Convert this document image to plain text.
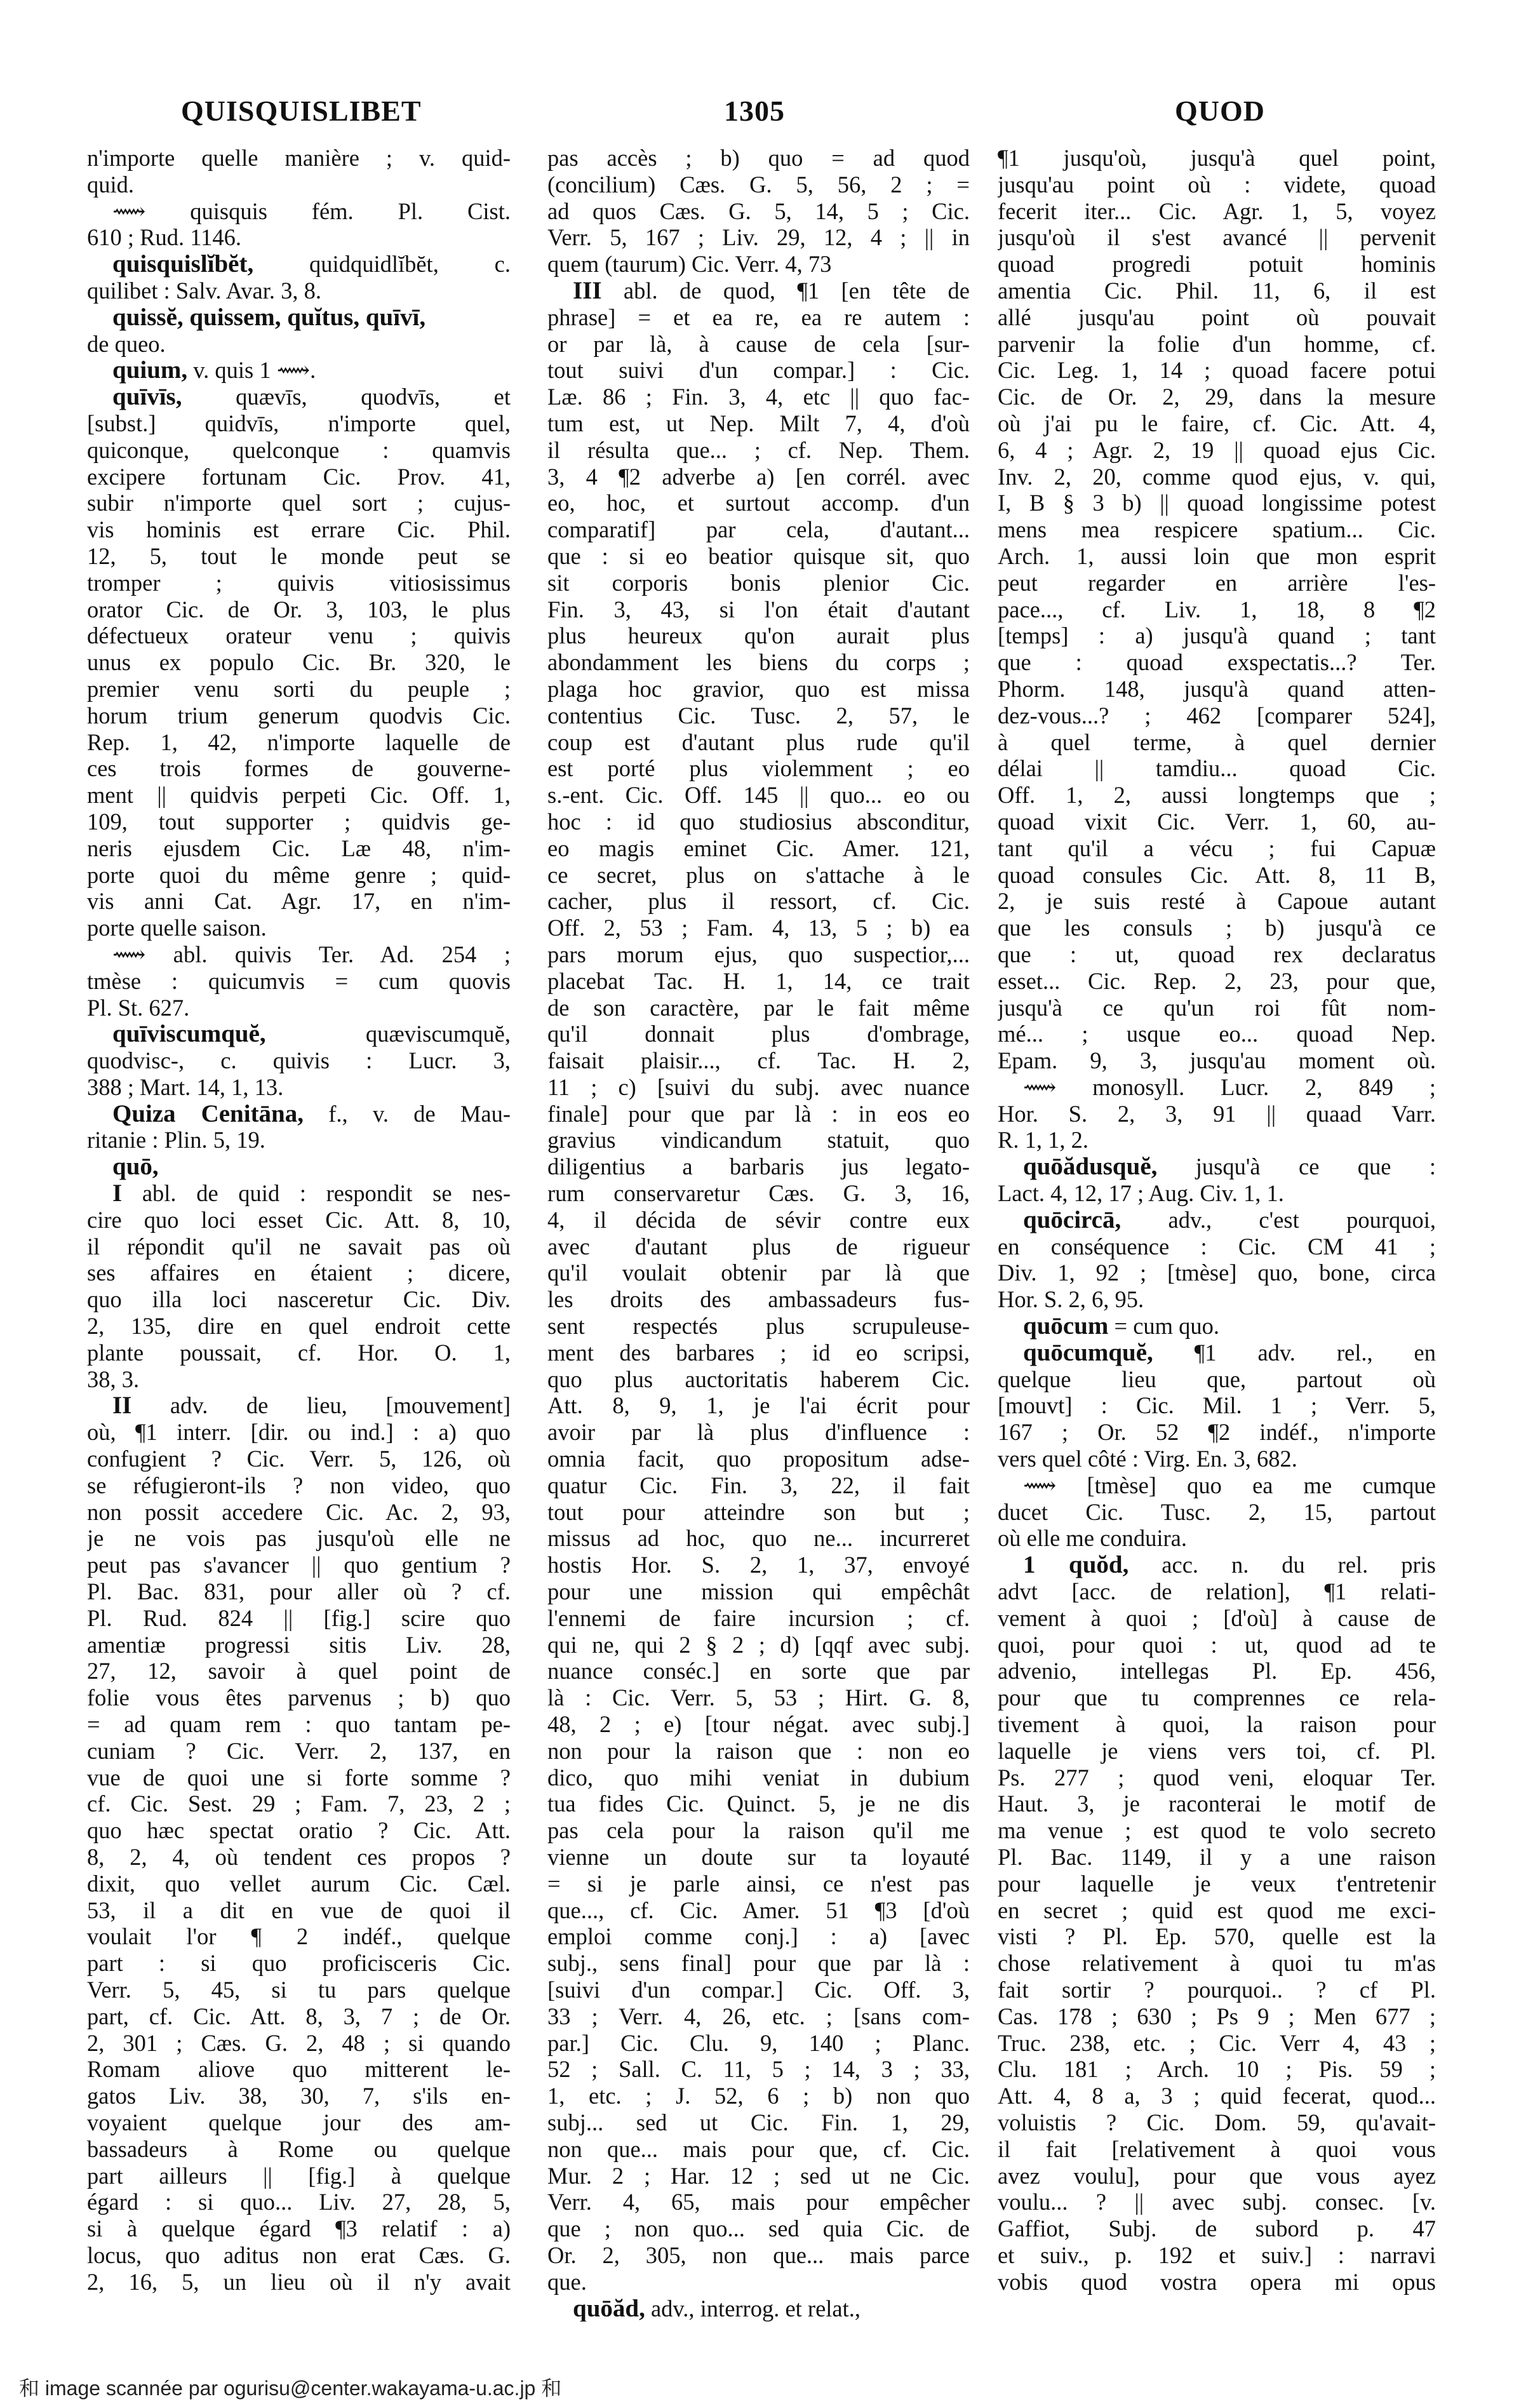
QUISQUISLIBET	1305	QUOD
n'importe quelle manière ; v. quid-
quid.
⟿ quisquis fém. Pl. Cist.
610 ; Rud. 1146.
quisquislĭbĕt, quidquidlĭbĕt, c.
quilibet : Salv. Avar. 3, 8.
quissĕ, quissem, quĭtus, quīvī,
de queo.
quium, v. quis 1 ⟿.
quīvīs, quævīs, quodvīs, et
[subst.] quidvīs, n'importe quel,
quiconque, quelconque : quamvis
excipere fortunam Cic. Prov. 41,
subir n'importe quel sort ; cujus-
vis hominis est errare Cic. Phil.
12, 5, tout le monde peut se
tromper ; quivis vitiosissimus
orator Cic. de Or. 3, 103, le plus
défectueux orateur venu ; quivis
unus ex populo Cic. Br. 320, le
premier venu sorti du peuple ;
horum trium generum quodvis Cic.
Rep. 1, 42, n'importe laquelle de
ces trois formes de gouverne-
ment || quidvis perpeti Cic. Off. 1,
109, tout supporter ; quidvis ge-
neris ejusdem Cic. Læ 48, n'im-
porte quoi du même genre ; quid-
vis anni Cat. Agr. 17, en n'im-
porte quelle saison.
⟿ abl. quivis Ter. Ad. 254 ;
tmèse : quicumvis = cum quovis
Pl. St. 627.
quīviscumquĕ, quæviscumquĕ,
quodvisc-, c. quivis : Lucr. 3,
388 ; Mart. 14, 1, 13.
Quiza Cenitāna, f., v. de Mau-
ritanie : Plin. 5, 19.
quō,
I abl. de quid : respondit se nes-
cire quo loci esset Cic. Att. 8, 10,
il répondit qu'il ne savait pas où
ses affaires en étaient ; dicere,
quo illa loci nasceretur Cic. Div.
2, 135, dire en quel endroit cette
plante poussait, cf. Hor. O. 1,
38, 3.
II adv. de lieu, [mouvement]
où, ¶1 interr. [dir. ou ind.] : a) quo
confugient ? Cic. Verr. 5, 126, où
se réfugieront-ils ? non video, quo
non possit accedere Cic. Ac. 2, 93,
je ne vois pas jusqu'où elle ne
peut pas s'avancer || quo gentium ?
Pl. Bac. 831, pour aller où ? cf.
Pl. Rud. 824 || [fig.] scire quo
amentiæ progressi sitis Liv. 28,
27, 12, savoir à quel point de
folie vous êtes parvenus ; b) quo
= ad quam rem : quo tantam pe-
cuniam ? Cic. Verr. 2, 137, en
vue de quoi une si forte somme ?
cf. Cic. Sest. 29 ; Fam. 7, 23, 2 ;
quo hæc spectat oratio ? Cic. Att.
8, 2, 4, où tendent ces propos ?
dixit, quo vellet aurum Cic. Cæl.
53, il a dit en vue de quoi il
voulait l'or ¶ 2 indéf., quelque
part : si quo proficisceris Cic.
Verr. 5, 45, si tu pars quelque
part, cf. Cic. Att. 8, 3, 7 ; de Or.
2, 301 ; Cæs. G. 2, 48 ; si quando
Romam aliove quo mitterent le-
gatos Liv. 38, 30, 7, s'ils en-
voyaient quelque jour des am-
bassadeurs à Rome ou quelque
part ailleurs || [fig.] à quelque
égard : si quo... Liv. 27, 28, 5,
si à quelque égard ¶3 relatif : a)
locus, quo aditus non erat Cæs. G.
2, 16, 5, un lieu où il n'y avait
pas accès ; b) quo = ad quod
(concilium) Cæs. G. 5, 56, 2 ; =
ad quos Cæs. G. 5, 14, 5 ; Cic.
Verr. 5, 167 ; Liv. 29, 12, 4 ; || in
quem (taurum) Cic. Verr. 4, 73
III abl. de quod, ¶1 [en tête de
phrase] = et ea re, ea re autem :
or par là, à cause de cela [sur-
tout suivi d'un compar.] : Cic.
Læ. 86 ; Fin. 3, 4, etc || quo fac-
tum est, ut Nep. Milt 7, 4, d'où
il résulta que... ; cf. Nep. Them.
3, 4 ¶2 adverbe a) [en corrél. avec
eo, hoc, et surtout accomp. d'un
comparatif] par cela, d'autant...
que : si eo beatior quisque sit, quo
sit corporis bonis plenior Cic.
Fin. 3, 43, si l'on était d'autant
plus heureux qu'on aurait plus
abondamment les biens du corps ;
plaga hoc gravior, quo est missa
contentius Cic. Tusc. 2, 57, le
coup est d'autant plus rude qu'il
est porté plus violemment ; eo
s.-ent. Cic. Off. 145 || quo... eo ou
hoc : id quo studiosius absconditur,
eo magis eminet Cic. Amer. 121,
ce secret, plus on s'attache à le
cacher, plus il ressort, cf. Cic.
Off. 2, 53 ; Fam. 4, 13, 5 ; b) ea
pars morum ejus, quo suspectior,...
placebat Tac. H. 1, 14, ce trait
de son caractère, par le fait même
qu'il donnait plus d'ombrage,
faisait plaisir..., cf. Tac. H. 2,
11 ; c) [suivi du subj. avec nuance
finale] pour que par là : in eos eo
gravius vindicandum statuit, quo
diligentius a barbaris jus legato-
rum conservaretur Cæs. G. 3, 16,
4, il décida de sévir contre eux
avec d'autant plus de rigueur
qu'il voulait obtenir par là que
les droits des ambassadeurs fus-
sent respectés plus scrupuleuse-
ment des barbares ; id eo scripsi,
quo plus auctoritatis haberem Cic.
Att. 8, 9, 1, je l'ai écrit pour
avoir par là plus d'influence :
omnia facit, quo propositum adse-
quatur Cic. Fin. 3, 22, il fait
tout pour atteindre son but ;
missus ad hoc, quo ne... incurreret
hostis Hor. S. 2, 1, 37, envoyé
pour une mission qui empêchât
l'ennemi de faire incursion ; cf.
qui ne, qui 2 § 2 ; d) [qqf avec subj.
nuance conséc.] en sorte que par
là : Cic. Verr. 5, 53 ; Hirt. G. 8,
48, 2 ; e) [tour négat. avec subj.]
non pour la raison que : non eo
dico, quo mihi veniat in dubium
tua fides Cic. Quinct. 5, je ne dis
pas cela pour la raison qu'il me
vienne un doute sur ta loyauté
= si je parle ainsi, ce n'est pas
que..., cf. Cic. Amer. 51 ¶3 [d'où
emploi comme conj.] : a) [avec
subj., sens final] pour que par là :
[suivi d'un compar.] Cic. Off. 3,
33 ; Verr. 4, 26, etc. ; [sans com-
par.] Cic. Clu. 9, 140 ; Planc.
52 ; Sall. C. 11, 5 ; 14, 3 ; 33,
1, etc. ; J. 52, 6 ; b) non quo
subj... sed ut Cic. Fin. 1, 29,
non que... mais pour que, cf. Cic.
Mur. 2 ; Har. 12 ; sed ut ne Cic.
Verr. 4, 65, mais pour empêcher
que ; non quo... sed quia Cic. de
Or. 2, 305, non que... mais parce
que.
quōăd, adv., interrog. et relat.,
¶1 jusqu'où, jusqu'à quel point,
jusqu'au point où : videte, quoad
fecerit iter... Cic. Agr. 1, 5, voyez
jusqu'où il s'est avancé || pervenit
quoad progredi potuit hominis
amentia Cic. Phil. 11, 6, il est
allé jusqu'au point où pouvait
parvenir la folie d'un homme, cf.
Cic. Leg. 1, 14 ; quoad facere potui
Cic. de Or. 2, 29, dans la mesure
où j'ai pu le faire, cf. Cic. Att. 4,
6, 4 ; Agr. 2, 19 || quoad ejus Cic.
Inv. 2, 20, comme quod ejus, v. qui,
I, B § 3 b) || quoad longissime potest
mens mea respicere spatium... Cic.
Arch. 1, aussi loin que mon esprit
peut regarder en arrière l'es-
pace..., cf. Liv. 1, 18, 8 ¶2
[temps] : a) jusqu'à quand ; tant
que : quoad exspectatis...? Ter.
Phorm. 148, jusqu'à quand atten-
dez-vous...? ; 462 [comparer 524],
à quel terme, à quel dernier
délai || tamdiu... quoad Cic.
Off. 1, 2, aussi longtemps que ;
quoad vixit Cic. Verr. 1, 60, au-
tant qu'il a vécu ; fui Capuæ
quoad consules Cic. Att. 8, 11 B,
2, je suis resté à Capoue autant
que les consuls ; b) jusqu'à ce
que : ut, quoad rex declaratus
esset... Cic. Rep. 2, 23, pour que,
jusqu'à ce qu'un roi fût nom-
mé... ; usque eo... quoad Nep.
Epam. 9, 3, jusqu'au moment où.
⟿ monosyll. Lucr. 2, 849 ;
Hor. S. 2, 3, 91 || quaad Varr.
R. 1, 1, 2.
quōădusquĕ, jusqu'à ce que :
Lact. 4, 12, 17 ; Aug. Civ. 1, 1.
quōcircā, adv., c'est pourquoi,
en conséquence : Cic. CM 41 ;
Div. 1, 92 ; [tmèse] quo, bone, circa
Hor. S. 2, 6, 95.
quōcum = cum quo.
quōcumquĕ, ¶1 adv. rel., en
quelque lieu que, partout où
[mouvt] : Cic. Mil. 1 ; Verr. 5,
167 ; Or. 52 ¶2 indéf., n'importe
vers quel côté : Virg. En. 3, 682.
⟿ [tmèse] quo ea me cumque
ducet Cic. Tusc. 2, 15, partout
où elle me conduira.
1 quŏd, acc. n. du rel. pris
advt [acc. de relation], ¶1 relati-
vement à quoi ; [d'où] à cause de
quoi, pour quoi : ut, quod ad te
advenio, intellegas Pl. Ep. 456,
pour que tu comprennes ce rela-
tivement à quoi, la raison pour
laquelle je viens vers toi, cf. Pl.
Ps. 277 ; quod veni, eloquar Ter.
Haut. 3, je raconterai le motif de
ma venue ; est quod te volo secreto
Pl. Bac. 1149, il y a une raison
pour laquelle je veux t'entretenir
en secret ; quid est quod me exci-
visti ? Pl. Ep. 570, quelle est la
chose relativement à quoi tu m'as
fait sortir ? pourquoi.. ? cf Pl.
Cas. 178 ; 630 ; Ps 9 ; Men 677 ;
Truc. 238, etc. ; Cic. Verr 4, 43 ;
Clu. 181 ; Arch. 10 ; Pis. 59 ;
Att. 4, 8 a, 3 ; quid fecerat, quod...
voluistis ? Cic. Dom. 59, qu'avait-
il fait [relativement à quoi vous
avez voulu], pour que vous ayez
voulu... ? || avec subj. consec. [v.
Gaffiot, Subj. de subord p. 47
et suiv., p. 192 et suiv.] : narravi
vobis quod vostra opera mi opus
和 image scannée par ogurisu@center.wakayama-u.ac.jp 和
